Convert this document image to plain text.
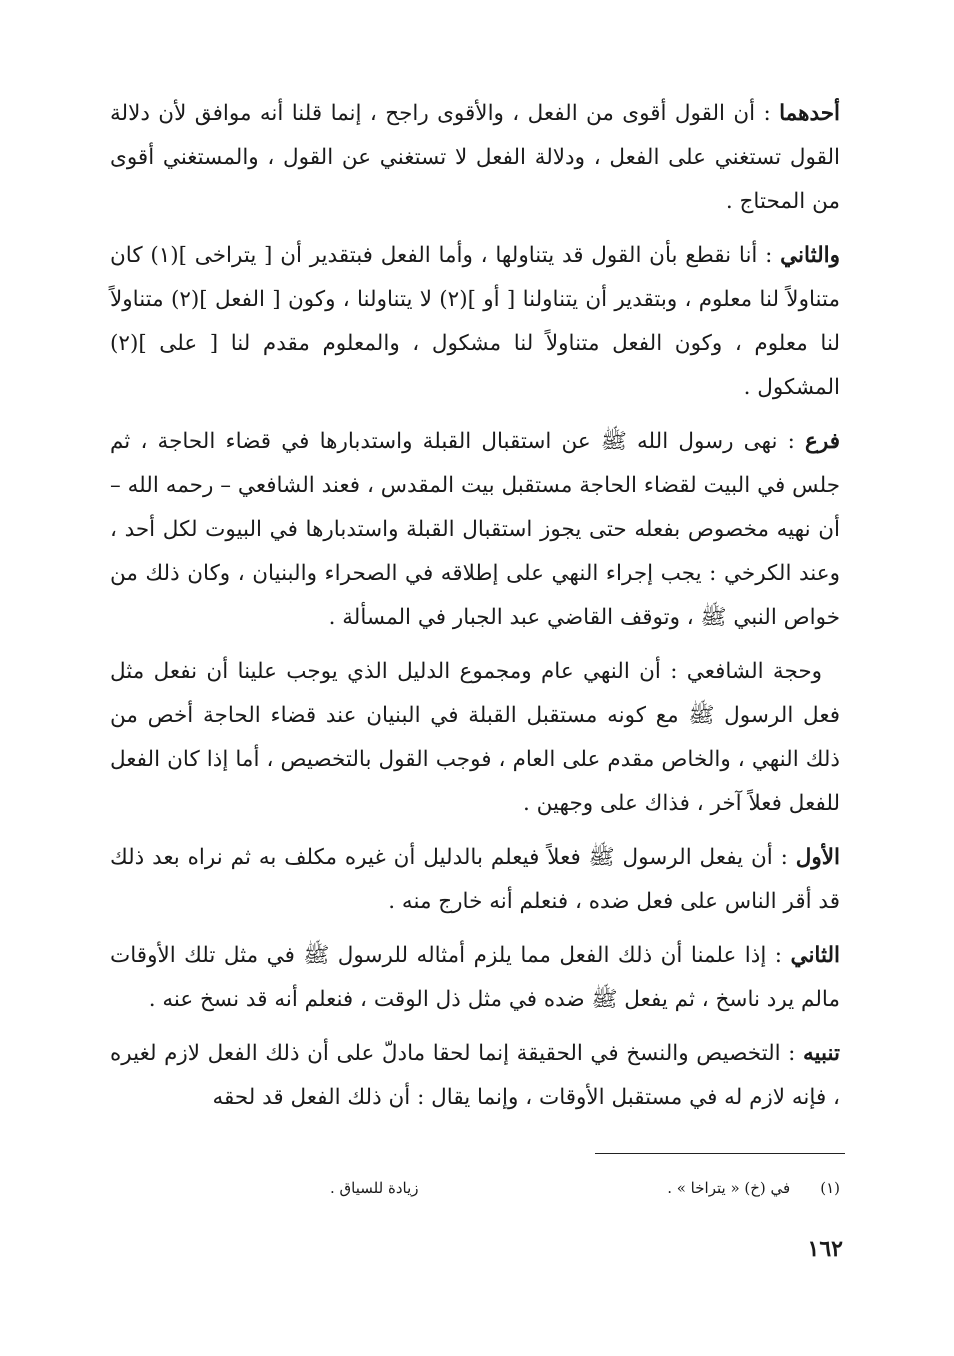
أحدهما : أن القول أقوى من الفعل ، والأقوى راجح ، إنما قلنا أنه موافق لأن دلالة القول تستغني على الفعل ، ودلالة الفعل لا تستغني عن القول ، والمستغني أقوى من المحتاج .

والثاني : أنا نقطع بأن القول قد يتناولها ، وأما الفعل فبتقدير أن [ يتراخى ](١) كان متناولاً لنا معلوم ، وبتقدير أن يتناولنا [ أو ](٢) لا يتناولنا ، وكون [ الفعل ](٢) متناولاً لنا معلوم ، وكون الفعل متناولاً لنا مشكول ، والمعلوم مقدم لنا [ على ](٢) المشكول .

فرع : نهى رسول الله ﷺ عن استقبال القبلة واستدبارها في قضاء الحاجة ، ثم جلس في البيت لقضاء الحاجة مستقبل بيت المقدس ، فعند الشافعي – رحمه الله – أن نهيه مخصوص بفعله حتى يجوز استقبال القبلة واستدبارها في البيوت لكل أحد ، وعند الكرخي : يجب إجراء النهي على إطلاقه في الصحراء والبنيان ، وكان ذلك من خواص النبي ﷺ ، وتوقف القاضي عبد الجبار في المسألة .

وحجة الشافعي : أن النهي عام ومجموع الدليل الذي يوجب علينا أن نفعل مثل فعل الرسول ﷺ مع كونه مستقبل القبلة في البنيان عند قضاء الحاجة أخص من ذلك النهي ، والخاص مقدم على العام ، فوجب القول بالتخصيص ، أما إذا كان الفعل للفعل فعلاً آخر ، فذاك على وجهين .

الأول : أن يفعل الرسول ﷺ فعلاً فيعلم بالدليل أن غيره مكلف به ثم نراه بعد ذلك قد أقر الناس على فعل ضده ، فنعلم أنه خارج منه .

الثاني : إذا علمنا أن ذلك الفعل مما يلزم أمثاله للرسول ﷺ في مثل تلك الأوقات مالم يرد ناسخ ، ثم يفعل ﷺ ضده في مثل ذل الوقت ، فنعلم أنه قد نسخ عنه .

تنبيه : التخصيص والنسخ في الحقيقة إنما لحقا مادلّ على أن ذلك الفعل لازم لغيره ، فإنه لازم له في مستقبل الأوقات ، وإنما يقال : أن ذلك الفعل قد لحقه

(١)في (خ) « يتراخا » .
زيادة للسياق .
١٦٢
